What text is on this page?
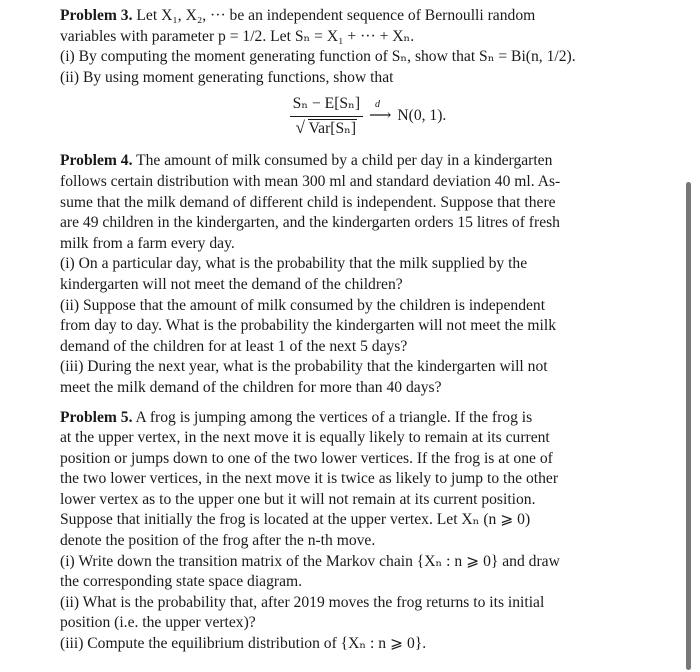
Problem 3. Let X₁, X₂, ··· be an independent sequence of Bernoulli random
variables with parameter p = 1/2. Let Sₙ = X₁ + ··· + Xₙ.
(i) By computing the moment generating function of Sₙ, show that Sₙ = Bi(n, 1/2).
(ii) By using moment generating functions, show that
Sₙ − E[Sₙ]
√ Var[Sₙ] d
⟶ N(0, 1).
Problem 4. The amount of milk consumed by a child per day in a kindergarten
follows certain distribution with mean 300 ml and standard deviation 40 ml. As-
sume that the milk demand of different child is independent. Suppose that there
are 49 children in the kindergarten, and the kindergarten orders 15 litres of fresh
milk from a farm every day.
(i) On a particular day, what is the probability that the milk supplied by the
kindergarten will not meet the demand of the children?
(ii) Suppose that the amount of milk consumed by the children is independent
from day to day. What is the probability the kindergarten will not meet the milk
demand of the children for at least 1 of the next 5 days?
(iii) During the next year, what is the probability that the kindergarten will not
meet the milk demand of the children for more than 40 days?
Problem 5. A frog is jumping among the vertices of a triangle. If the frog is
at the upper vertex, in the next move it is equally likely to remain at its current
position or jumps down to one of the two lower vertices. If the frog is at one of
the two lower vertices, in the next move it is twice as likely to jump to the other
lower vertex as to the upper one but it will not remain at its current position.
Suppose that initially the frog is located at the upper vertex. Let Xₙ (n ⩾ 0)
denote the position of the frog after the n-th move.
(i) Write down the transition matrix of the Markov chain {Xₙ : n ⩾ 0} and draw
the corresponding state space diagram.
(ii) What is the probability that, after 2019 moves the frog returns to its initial
position (i.e. the upper vertex)?
(iii) Compute the equilibrium distribution of {Xₙ : n ⩾ 0}.
